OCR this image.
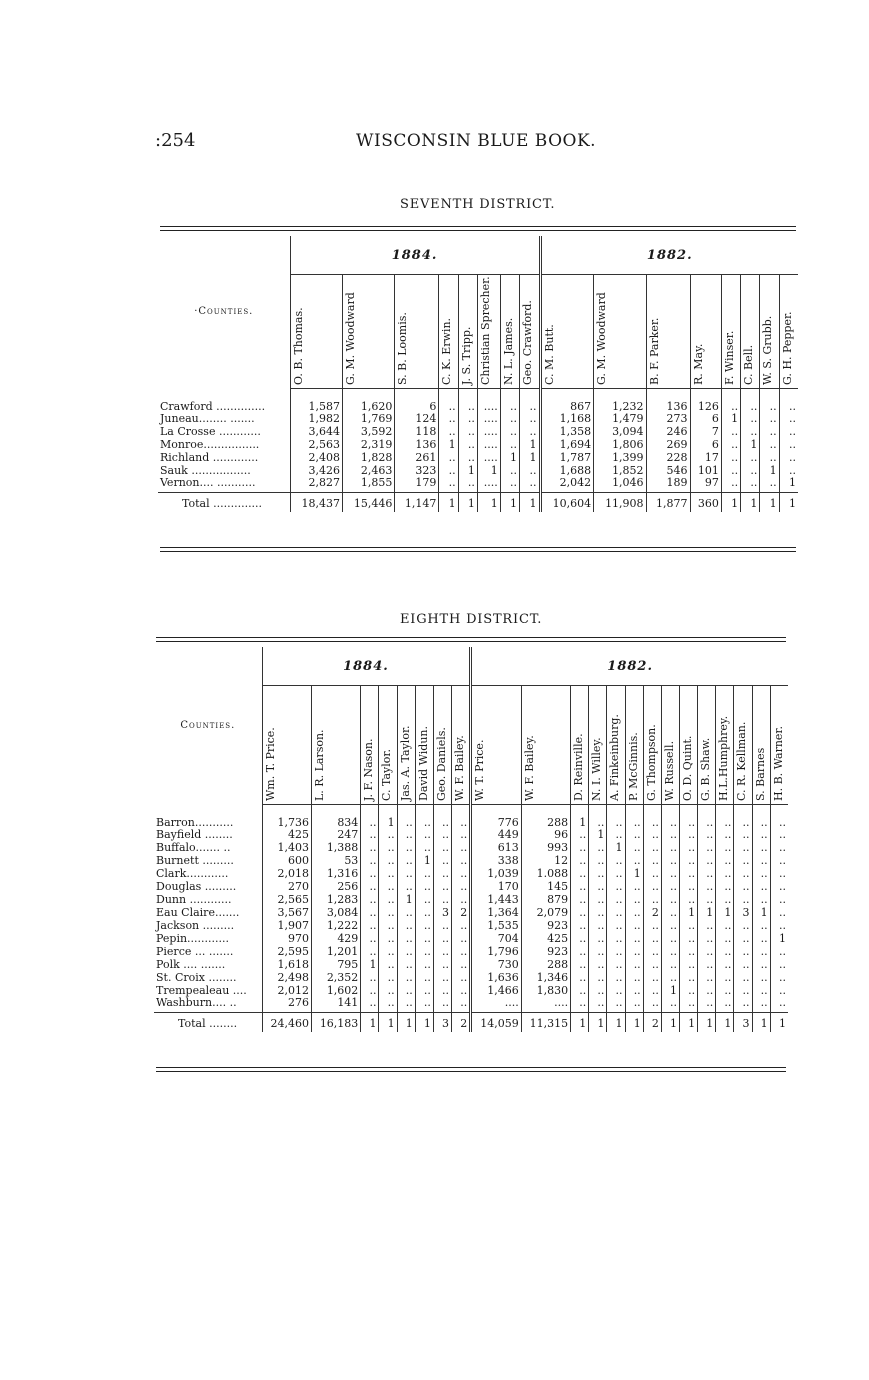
:254	WISCONSIN BLUE BOOK.
SEVENTH DISTRICT.
·Counties.	1884.								1882.							

	O. B. Thomas.	G. M. Woodward	S. B. Loomis.	C. K. Erwin.	J. S. Tripp.	Christian Sprecher.	N. L. James.	Geo. Crawford.	C. M. Butt.	G. M. Woodward	B. F. Parker.	R. May.	F. Winser.	C. Bell.	W. S. Grubb.	G. H. Pepper.

Crawford ..............	1,587	1,620	6	..	..	....	..	..	867	1,232	136	126	..	..	..	..
Juneau........ .......	1,982	1,769	124	..	..	....	..	..	1,168	1,479	273	6	1	..	..	..
La Crosse ............	3,644	3,592	118	..	..	....	..	..	1,358	3,094	246	7	..	..	..	..
Monroe................	2,563	2,319	136	1	..	....	..	1	1,694	1,806	269	6	..	1	..	..
Richland .............	2,408	1,828	261	..	..	....	1	1	1,787	1,399	228	17	..	..	..	..
Sauk .................	3,426	2,463	323	..	1	1	..	..	1,688	1,852	546	101	..	..	1	..
Vernon.... ...........	2,827	1,855	179	..	..	....	..	..	2,042	1,046	189	97	..	..	..	1
Total ..............	18,437	15,446	1,147	1	1	1	1	1	10,604	11,908	1,877	360	1	1	1	1
EIGHTH DISTRICT.
Counties.	1884.								1882.													

	Wm. T. Price.	L. R. Larson.	J. F. Nason.	C. Taylor.	Jas. A. Taylor.	David Widun.	Geo. Daniels.	W. F. Bailey.	W. T. Price.	W. F. Bailey.	D. Reinville.	N. I. Willey.	A. Finkeinburg.	P. McGinnis.	G. Thompson.	W. Russell.	O. D. Quint.	G. B. Shaw.	H.L.Humphrey.	C. R. Kellman.	S. Barnes	H. B. Warner.

Barron...........	1,736	834	..	1	..	..	..	..	776	288	1	..	..	..	..	..	..	..	..	..	..	..
Bayfield ........	425	247	..	..	..	..	..	..	449	96	..	1	..	..	..	..	..	..	..	..	..	..
Buffalo....... ..	1,403	1,388	..	..	..	..	..	..	613	993	..	..	1	..	..	..	..	..	..	..	..	..
Burnett .........	600	53	..	..	..	1	..	..	338	12	..	..	..	..	..	..	..	..	..	..	..	..
Clark............	2,018	1,316	..	..	..	..	..	..	1,039	1.088	..	..	..	1	..	..	..	..	..	..	..	..
Douglas .........	270	256	..	..	..	..	..	..	170	145	..	..	..	..	..	..	..	..	..	..	..	..
Dunn ............	2,565	1,283	..	..	1	..	..	..	1,443	879	..	..	..	..	..	..	..	..	..	..	..	..
Eau Claire.......	3,567	3,084	..	..	..	..	3	2	1,364	2,079	..	..	..	..	2	..	1	1	1	3	1	..
Jackson .........	1,907	1,222	..	..	..	..	..	..	1,535	923	..	..	..	..	..	..	..	..	..	..	..	..
Pepin............	970	429	..	..	..	..	..	..	704	425	..	..	..	..	..	..	..	..	..	..	..	1
Pierce ... .......	2,595	1,201	..	..	..	..	..	..	1,796	923	..	..	..	..	..	..	..	..	..	..	..	..
Polk .... .......	1,618	795	1	..	..	..	..	..	730	288	..	..	..	..	..	..	..	..	..	..	..	..
St. Croix ........	2,498	2,352	..	..	..	..	..	..	1,636	1,346	..	..	..	..	..	..	..	..	..	..	..	..
Trempealeau ....	2,012	1,602	..	..	..	..	..	..	1,466	1,830	..	..	..	..	..	1	..	..	..	..	..	..
Washburn.... ..	276	141	..	..	..	..	..	..	....	....	..	..	..	..	..	..	..	..	..	..	..	..
Total ........	24,460	16,183	1	1	1	1	3	2	14,059	11,315	1	1	1	1	2	1	1	1	1	3	1	1
